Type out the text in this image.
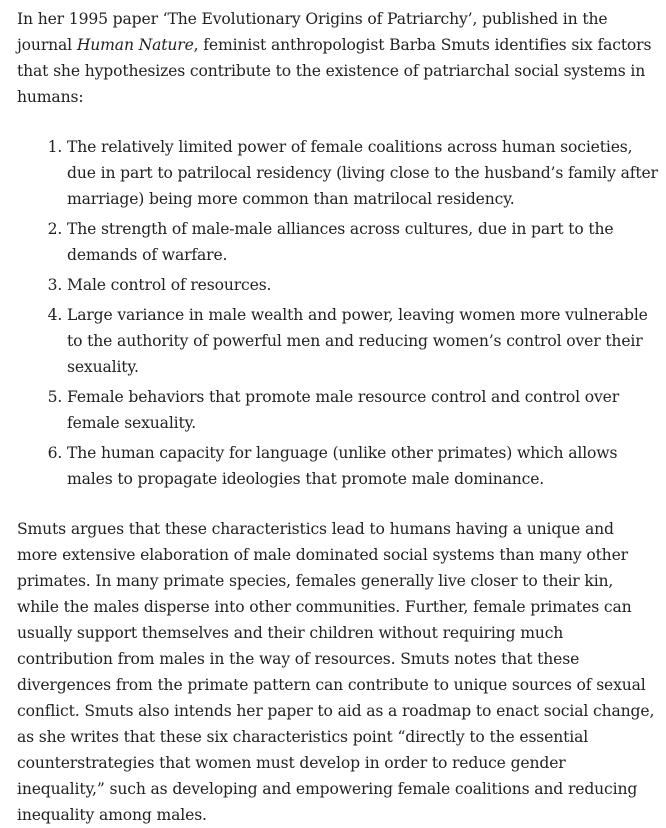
In her 1995 paper ‘The Evolutionary Origins of Patriarchy’, published in the journal Human Nature, feminist anthropologist Barba Smuts identifies six factors that she hypothesizes contribute to the existence of patriarchal social systems in humans:

1. The relatively limited power of female coalitions across human societies, due in part to patrilocal residency (living close to the husband’s family after marriage) being more common than matrilocal residency.
2. The strength of male-male alliances across cultures, due in part to the demands of warfare.
3. Male control of resources.
4. Large variance in male wealth and power, leaving women more vulnerable to the authority of powerful men and reducing women’s control over their sexuality.
5. Female behaviors that promote male resource control and control over female sexuality.
6. The human capacity for language (unlike other primates) which allows males to propagate ideologies that promote male dominance.

Smuts argues that these characteristics lead to humans having a unique and more extensive elaboration of male dominated social systems than many other primates. In many primate species, females generally live closer to their kin, while the males disperse into other communities. Further, female primates can usually support themselves and their children without requiring much contribution from males in the way of resources. Smuts notes that these divergences from the primate pattern can contribute to unique sources of sexual conflict. Smuts also intends her paper to aid as a roadmap to enact social change, as she writes that these six characteristics point “directly to the essential counterstrategies that women must develop in order to reduce gender inequality,” such as developing and empowering female coalitions and reducing inequality among males.
